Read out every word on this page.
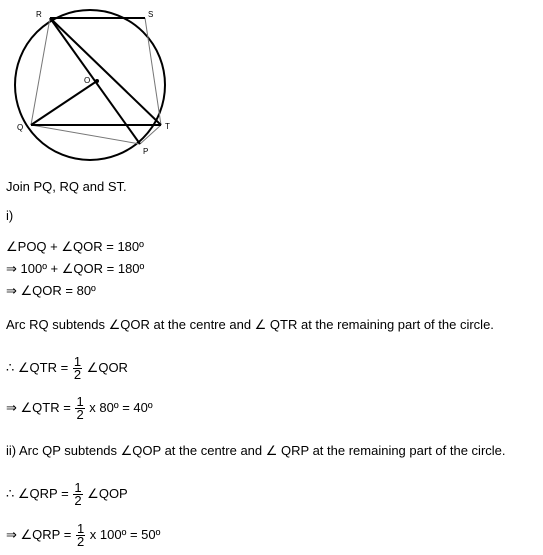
R	S
O
Q	T
P
Join PQ, RQ and ST.
i)
∠POQ + ∠QOR = 180º
⇒ 100º + ∠QOR = 180º
⇒ ∠QOR = 80º
Arc RQ subtends ∠QOR at the centre and ∠ QTR at the remaining part of the circle.
∴ ∠QTR = $\frac{1}{2}$ ∠QOR
⇒ ∠QTR = $\frac{1}{2}$ x 80º = 40º
ii) Arc QP subtends ∠QOP at the centre and ∠ QRP at the remaining part of the circle.
∴ ∠QRP = $\frac{1}{2}$ ∠QOP
⇒ ∠QRP = $\frac{1}{2}$ x 100º = 50º
